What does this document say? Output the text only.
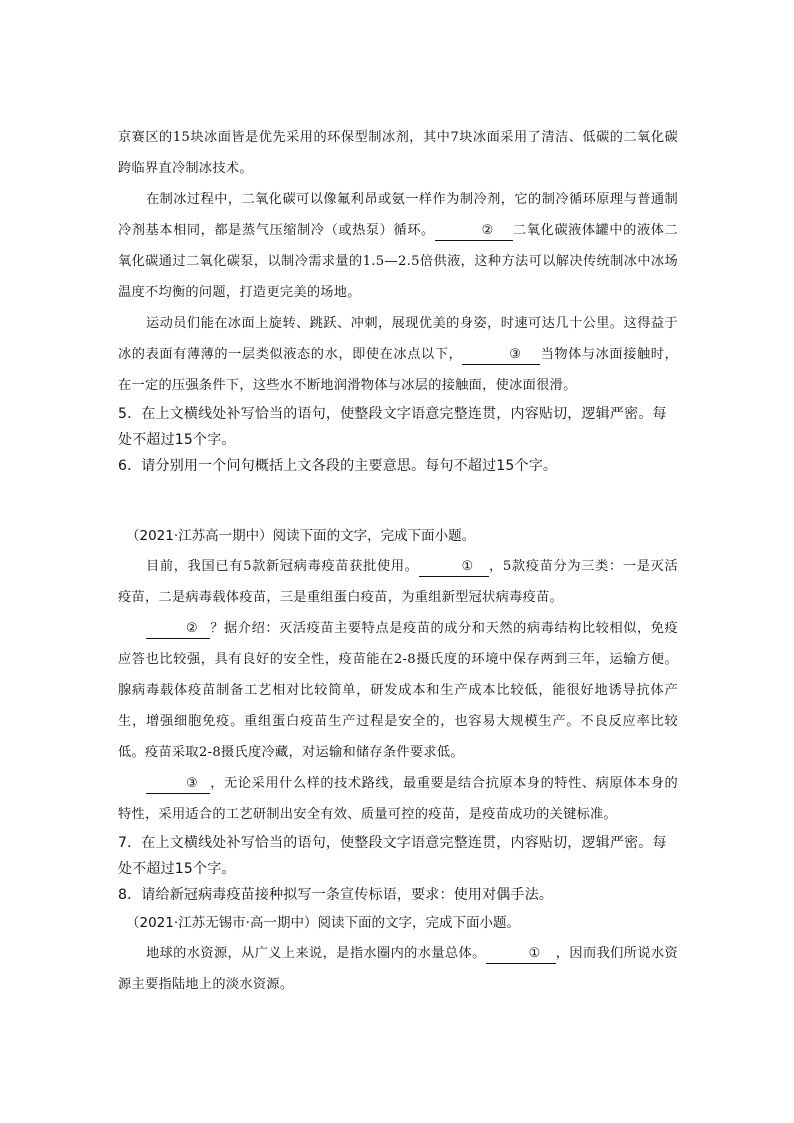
京赛区的15块冰面皆是优先采用的环保型制冰剂，其中7块冰面采用了清洁、低碳的二氧化碳跨临界直冷制冰技术。

在制冰过程中，二氧化碳可以像氟利昂或氨一样作为制冷剂，它的制冷循环原理与普通制冷剂基本相同，都是蒸气压缩制冷（或热泵）循环。	② 二氧化碳液体罐中的液体二氧化碳通过二氧化碳泵，以制冷需求量的1.5—2.5倍供液，这种方法可以解决传统制冰中冰场温度不均衡的问题，打造更完美的场地。

运动员们能在冰面上旋转、跳跃、冲刺，展现优美的身姿，时速可达几十公里。这得益于冰的表面有薄薄的一层类似液态的水，即使在冰点以下，	③ 当物体与冰面接触时，在一定的压强条件下，这些水不断地润滑物体与冰层的接触面，使冰面很滑。

5．在上文横线处补写恰当的语句，使整段文字语意完整连贯，内容贴切，逻辑严密。每处不超过15个字。

6．请分别用一个问句概括上文各段的主要意思。每句不超过15个字。

（2021·江苏高一期中）阅读下面的文字，完成下面小题。

目前，我国已有5款新冠病毒疫苗获批使用。	① ，5款疫苗分为三类：一是灭活疫苗，二是病毒载体疫苗，三是重组蛋白疫苗，为重组新型冠状病毒疫苗。

② ？据介绍：灭活疫苗主要特点是疫苗的成分和天然的病毒结构比较相似，免疫应答也比较强，具有良好的安全性，疫苗能在2-8摄氏度的环境中保存两到三年，运输方便。腺病毒载体疫苗制备工艺相对比较简单，研发成本和生产成本比较低，能很好地诱导抗体产生，增强细胞免疫。重组蛋白疫苗生产过程是安全的，也容易大规模生产。不良反应率比较低。疫苗采取2-8摄氏度冷藏，对运输和储存条件要求低。

③ ，无论采用什么样的技术路线，最重要是结合抗原本身的特性、病原体本身的特性，采用适合的工艺研制出安全有效、质量可控的疫苗，是疫苗成功的关键标准。

7．在上文横线处补写恰当的语句，使整段文字语意完整连贯，内容贴切，逻辑严密。每处不超过15个字。

8．请给新冠病毒疫苗接种拟写一条宣传标语，要求：使用对偶手法。

（2021·江苏无锡市·高一期中）阅读下面的文字，完成下面小题。

地球的水资源，从广义上来说，是指水圈内的水量总体。	① ，因而我们所说水资源主要指陆地上的淡水资源。
